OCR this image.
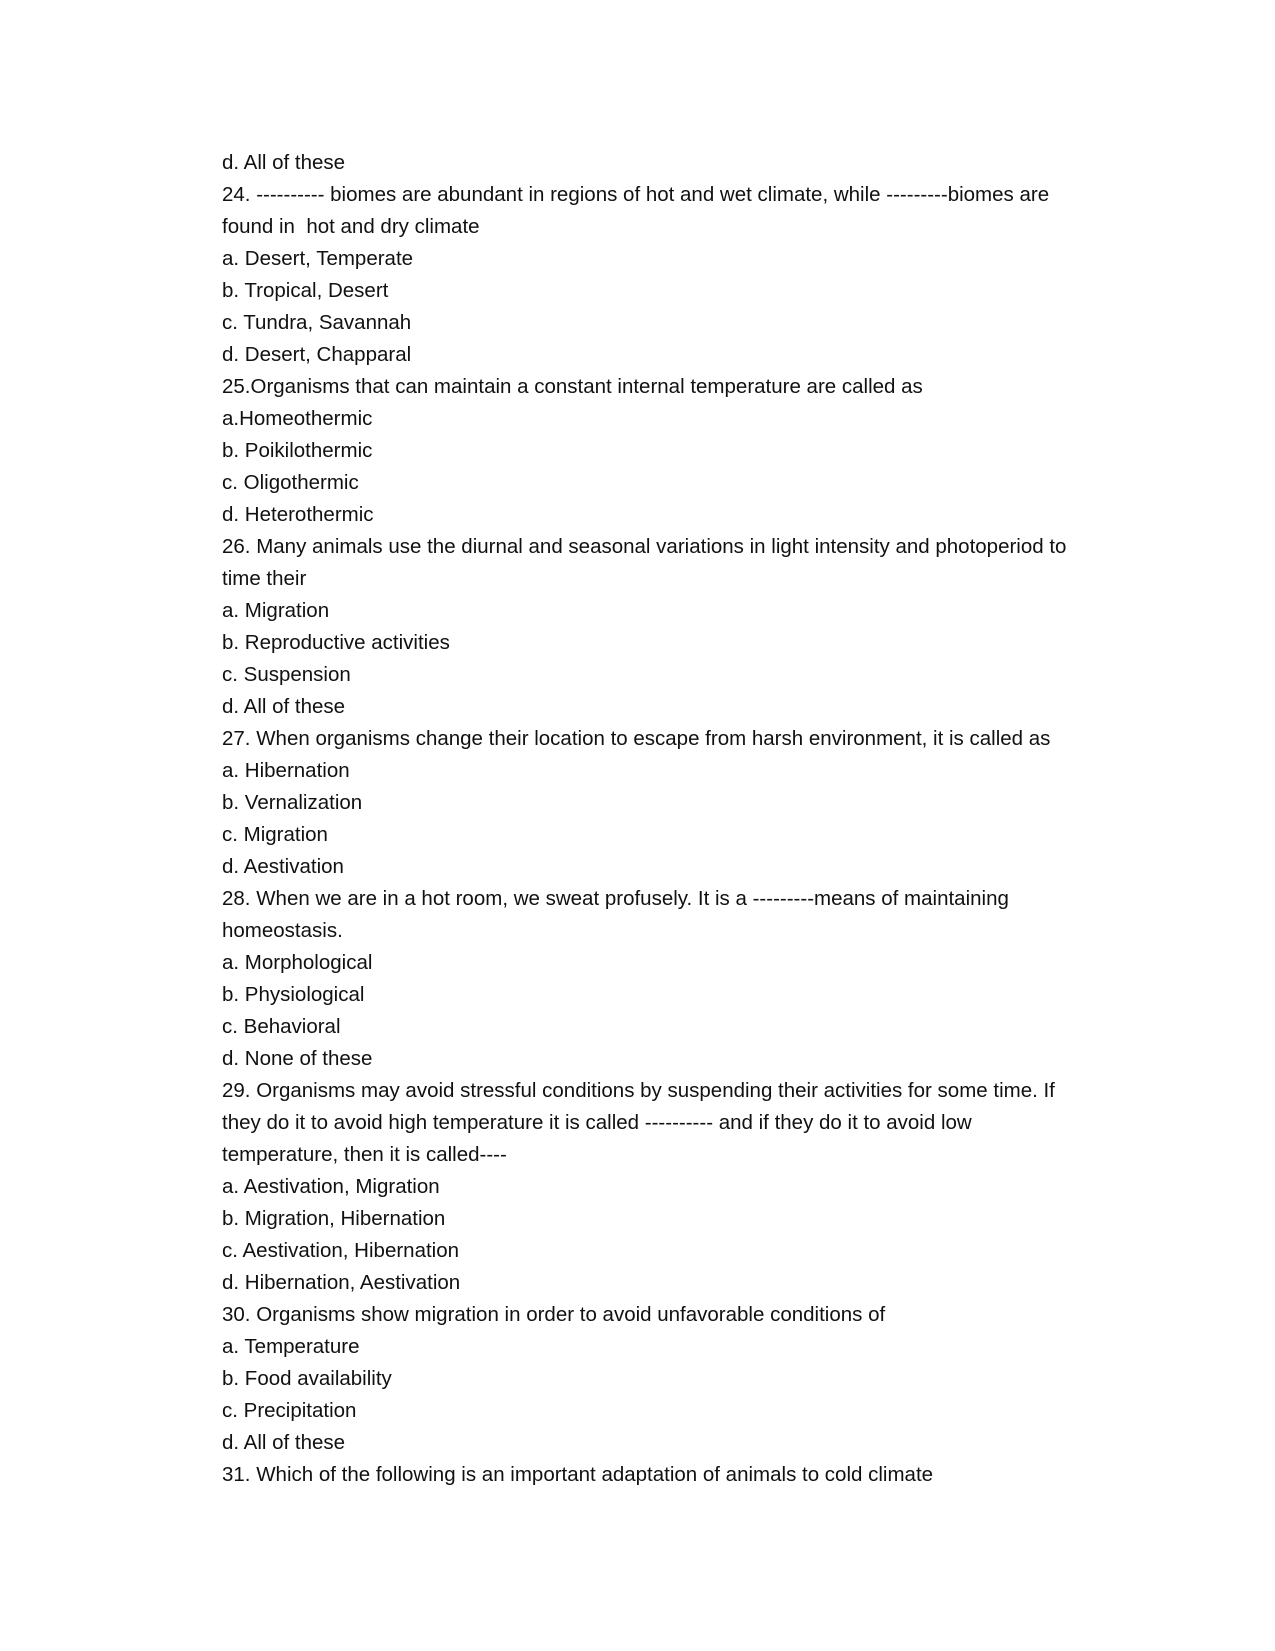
d. All of these
24. ---------- biomes are abundant in regions of hot and wet climate, while ---------biomes are
found in  hot and dry climate
a. Desert, Temperate
b. Tropical, Desert
c. Tundra, Savannah
d. Desert, Chapparal
25.Organisms that can maintain a constant internal temperature are called as
a.Homeothermic
b. Poikilothermic
c. Oligothermic
d. Heterothermic
26. Many animals use the diurnal and seasonal variations in light intensity and photoperiod to
time their
a. Migration
b. Reproductive activities
c. Suspension
d. All of these
27. When organisms change their location to escape from harsh environment, it is called as
a. Hibernation
b. Vernalization
c. Migration
d. Aestivation
28. When we are in a hot room, we sweat profusely. It is a ---------means of maintaining
homeostasis.
a. Morphological
b. Physiological
c. Behavioral
d. None of these
29. Organisms may avoid stressful conditions by suspending their activities for some time. If
they do it to avoid high temperature it is called ---------- and if they do it to avoid low
temperature, then it is called----
a. Aestivation, Migration
b. Migration, Hibernation
c. Aestivation, Hibernation
d. Hibernation, Aestivation
30. Organisms show migration in order to avoid unfavorable conditions of
a. Temperature
b. Food availability
c. Precipitation
d. All of these
31. Which of the following is an important adaptation of animals to cold climate
